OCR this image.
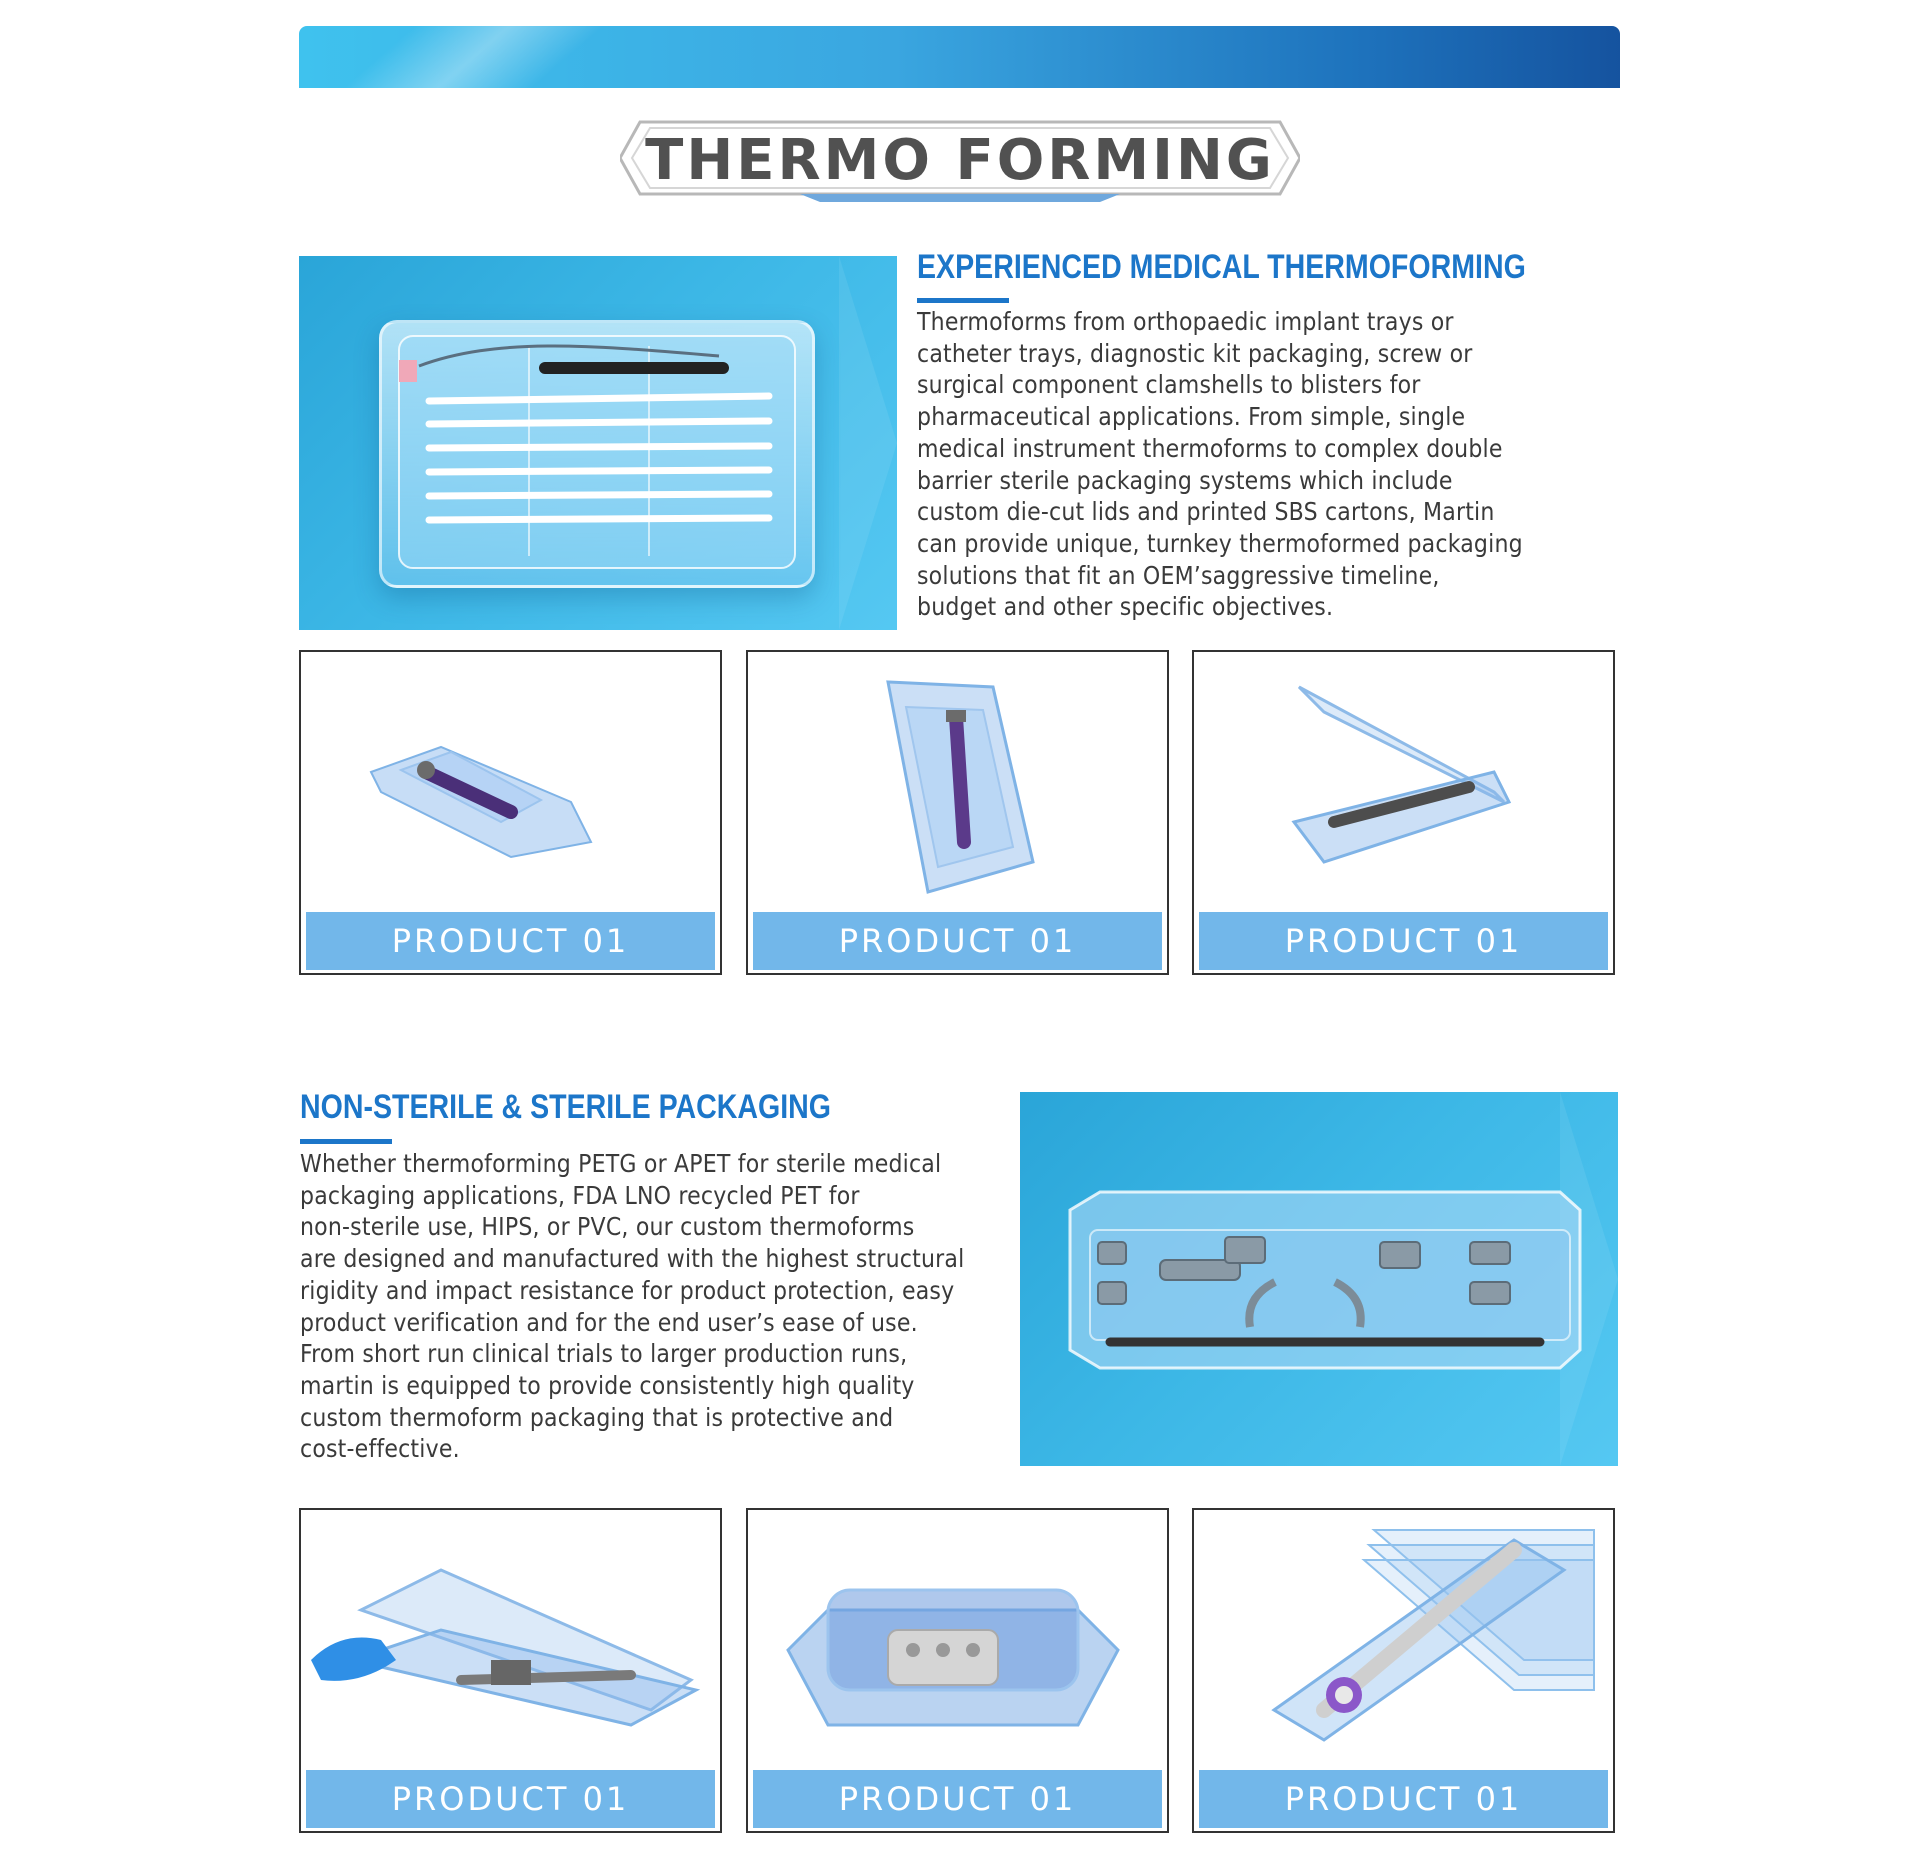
THERMO FORMING
EXPERIENCED MEDICAL THERMOFORMING
Thermoforms from orthopaedic implant trays or
catheter trays, diagnostic kit packaging, screw or
surgical component clamshells to blisters for
pharmaceutical applications. From simple, single
medical instrument thermoforms to complex double
barrier sterile packaging systems which include
custom die-cut lids and printed SBS cartons, Martin
can provide unique, turnkey thermoformed packaging
solutions that fit an OEM’saggressive timeline,
budget and other specific objectives.
PRODUCT 01	PRODUCT 01	PRODUCT 01
NON-STERILE & STERILE PACKAGING
Whether thermoforming PETG or APET for sterile medical
packaging applications, FDA LNO recycled PET for
non-sterile use, HIPS, or PVC, our custom thermoforms
are designed and manufactured with the highest structural
rigidity and impact resistance for product protection, easy
product verification and for the end user’s ease of use.
From short run clinical trials to larger production runs,
martin is equipped to provide consistently high quality
custom thermoform packaging that is protective and
cost-effective.
PRODUCT 01	PRODUCT 01	PRODUCT 01
